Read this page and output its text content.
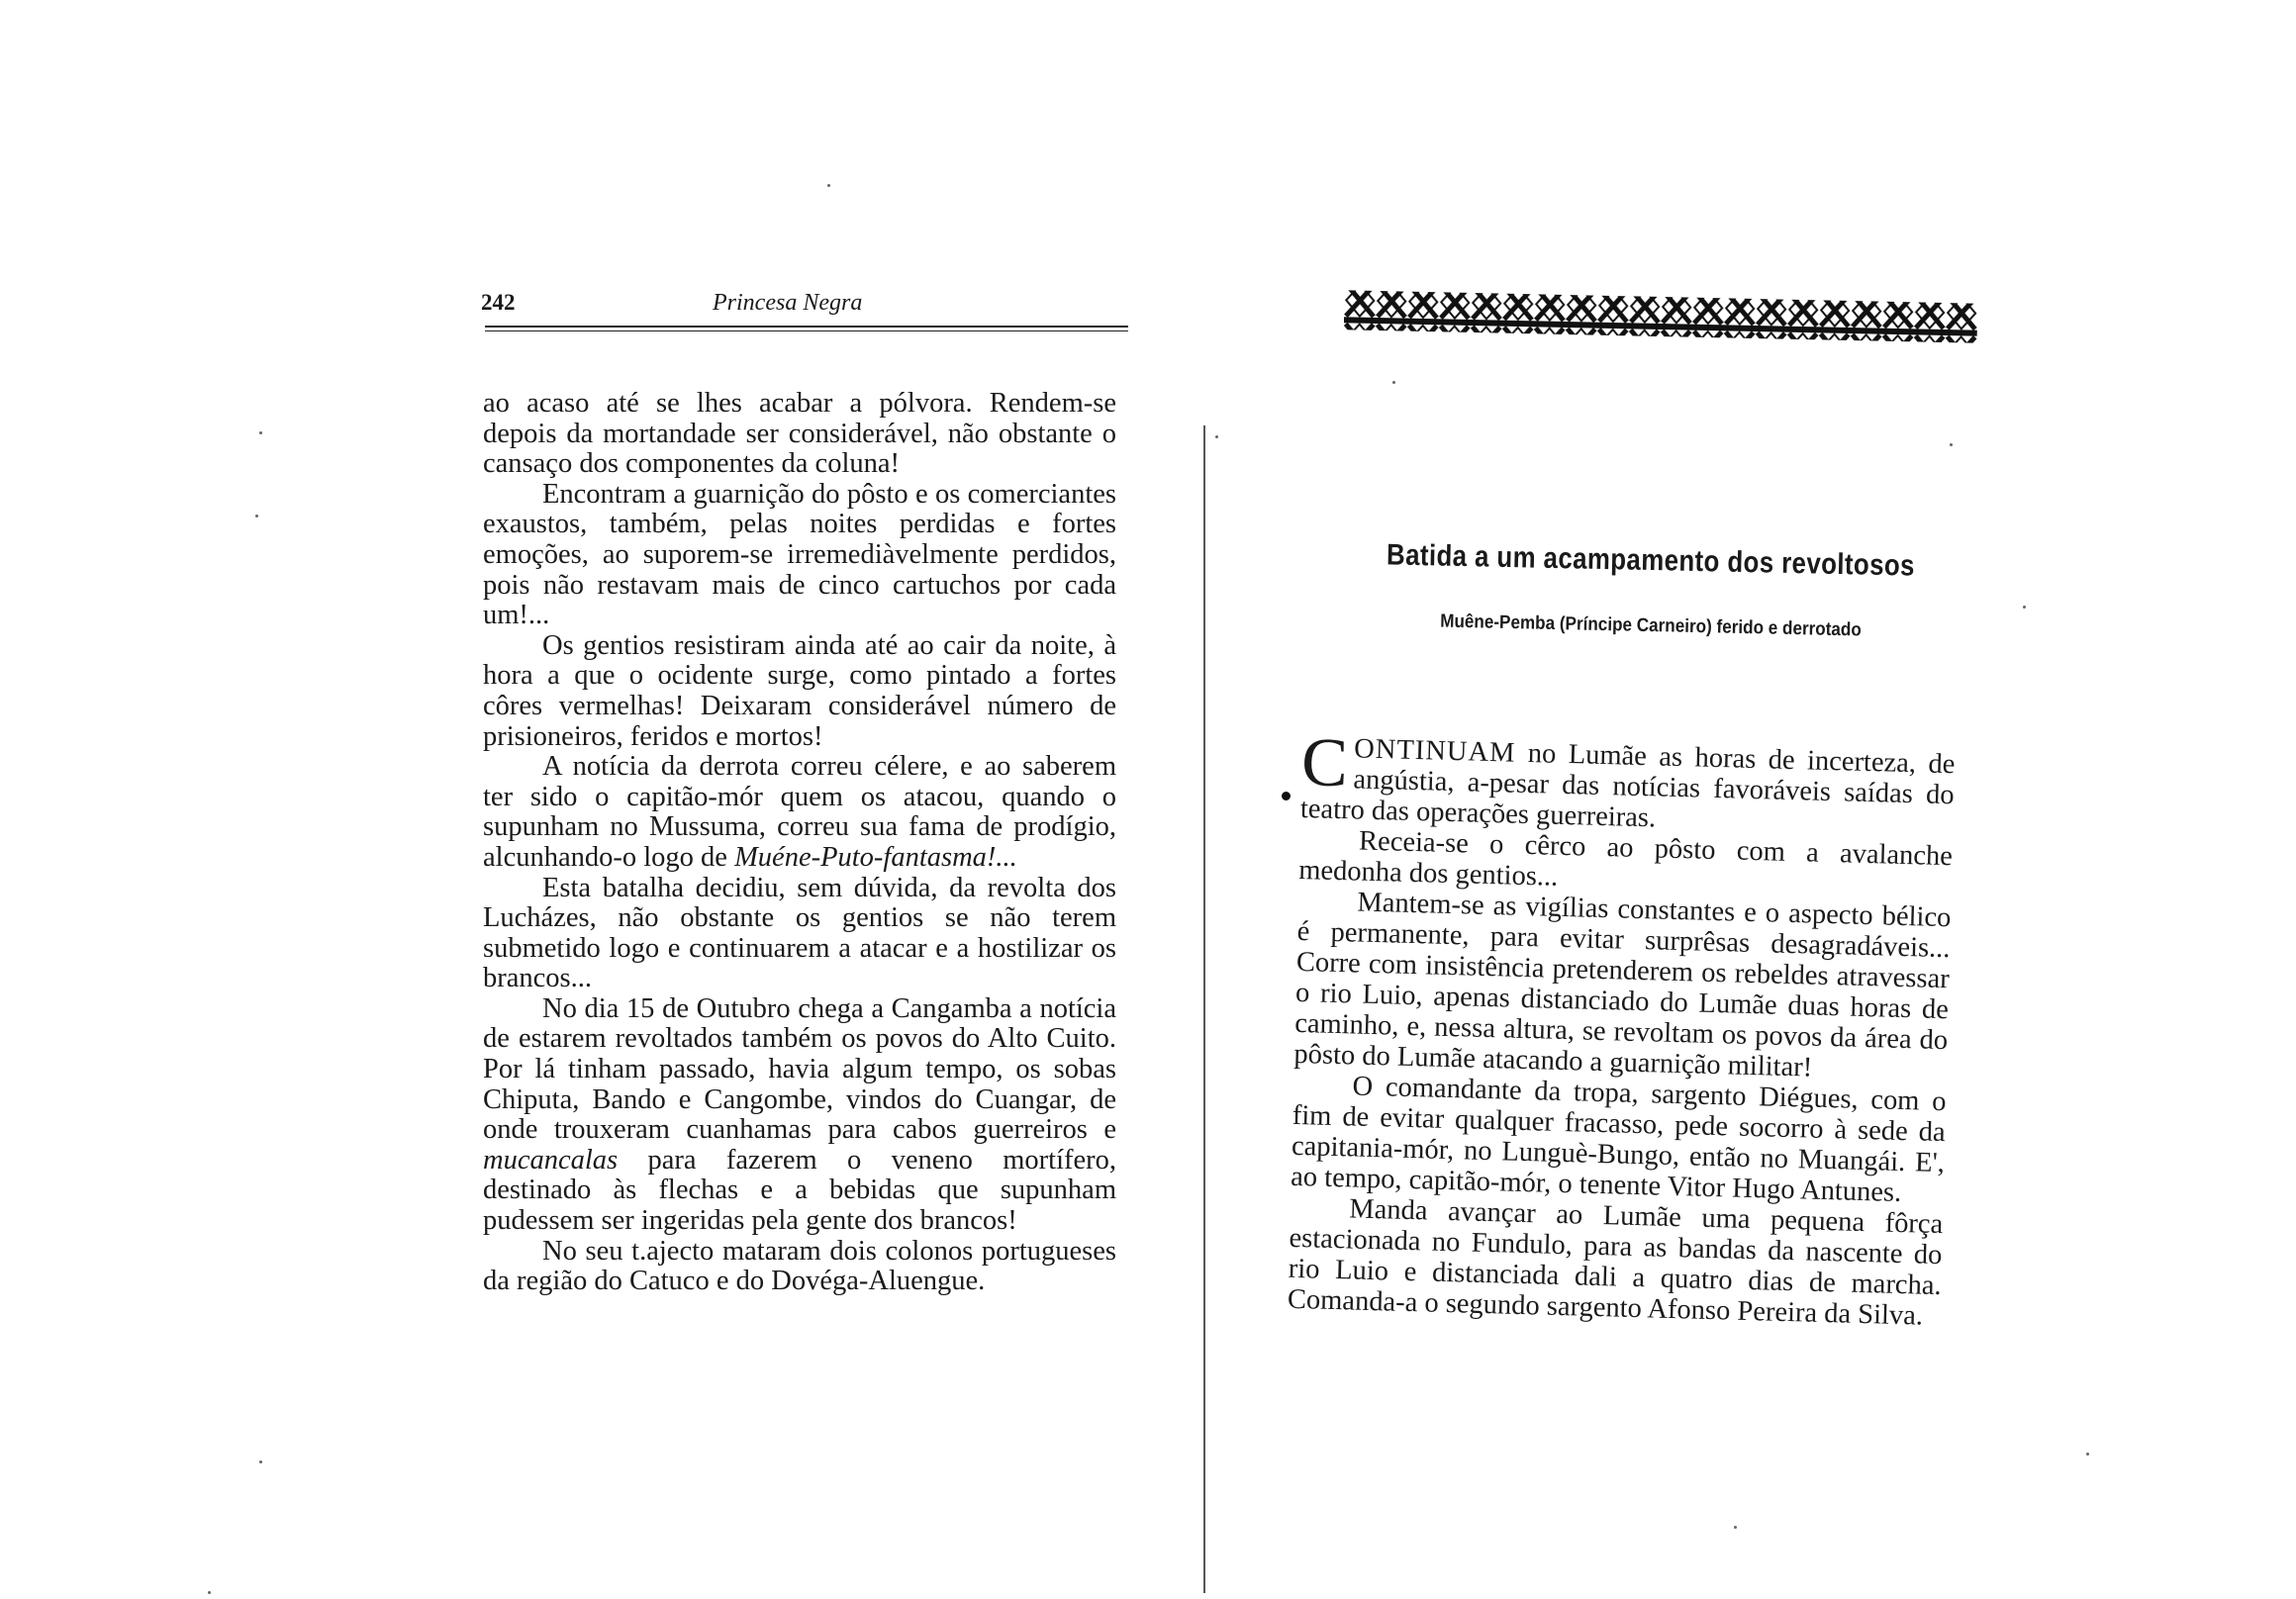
242	Princesa Negra

ao acaso até se lhes acabar a pólvora. Rendem-se depois da mortandade ser considerável, não obstante o cansaço dos componentes da coluna!

Encontram a guarnição do pôsto e os comerciantes exaustos, também, pelas noites perdidas e fortes emoções, ao suporem-se irremediàvelmente perdidos, pois não restavam mais de cinco cartuchos por cada um!...

Os gentios resistiram ainda até ao cair da noite, à hora a que o ocidente surge, como pintado a fortes côres vermelhas! Deixaram considerável número de prisioneiros, feridos e mortos!

A notícia da derrota correu célere, e ao saberem ter sido o capitão-mór quem os atacou, quando o supunham no Mussuma, correu sua fama de prodígio, alcunhando-o logo de Muéne-Puto-fantasma!...

Esta batalha decidiu, sem dúvida, da revolta dos Lucházes, não obstante os gentios se não terem submetido logo e continuarem a atacar e a hostilizar os brancos...

No dia 15 de Outubro chega a Cangamba a notícia de estarem revoltados também os povos do Alto Cuito. Por lá tinham passado, havia algum tempo, os sobas Chiputa, Bando e Cangombe, vindos do Cuangar, de onde trouxeram cuanhamas para cabos guerreiros e mucancalas para fazerem o veneno mortífero, destinado às flechas e a bebidas que supunham pudessem ser ingeridas pela gente dos brancos!

No seu t.ajecto mataram dois colonos portugueses da região do Catuco e do Dovéga-Aluengue.

Batida a um acampamento dos revoltosos
Muêne-Pemba (Príncipe Carneiro) ferido e derrotado

CONTINUAM no Lumãe as horas de incerteza, de angústia, a-pesar das notícias favoráveis saídas do teatro das operações guerreiras.

Receia-se o cêrco ao pôsto com a avalanche medonha dos gentios...

Mantem-se as vigílias constantes e o aspecto bélico é permanente, para evitar surprêsas desagradáveis... Corre com insistência pretenderem os rebeldes atravessar o rio Luio, apenas distanciado do Lumãe duas horas de caminho, e, nessa altura, se revoltam os povos da área do pôsto do Lumãe atacando a guarnição militar!

O comandante da tropa, sargento Diégues, com o fim de evitar qualquer fracasso, pede socorro à sede da capitania-mór, no Lunguè-Bungo, então no Muangái. E', ao tempo, capitão-mór, o tenente Vitor Hugo Antunes.

Manda avançar ao Lumãe uma pequena fôrça estacionada no Fundulo, para as bandas da nascente do rio Luio e distanciada dali a quatro dias de marcha. Comanda-a o segundo sargento Afonso Pereira da Silva.
